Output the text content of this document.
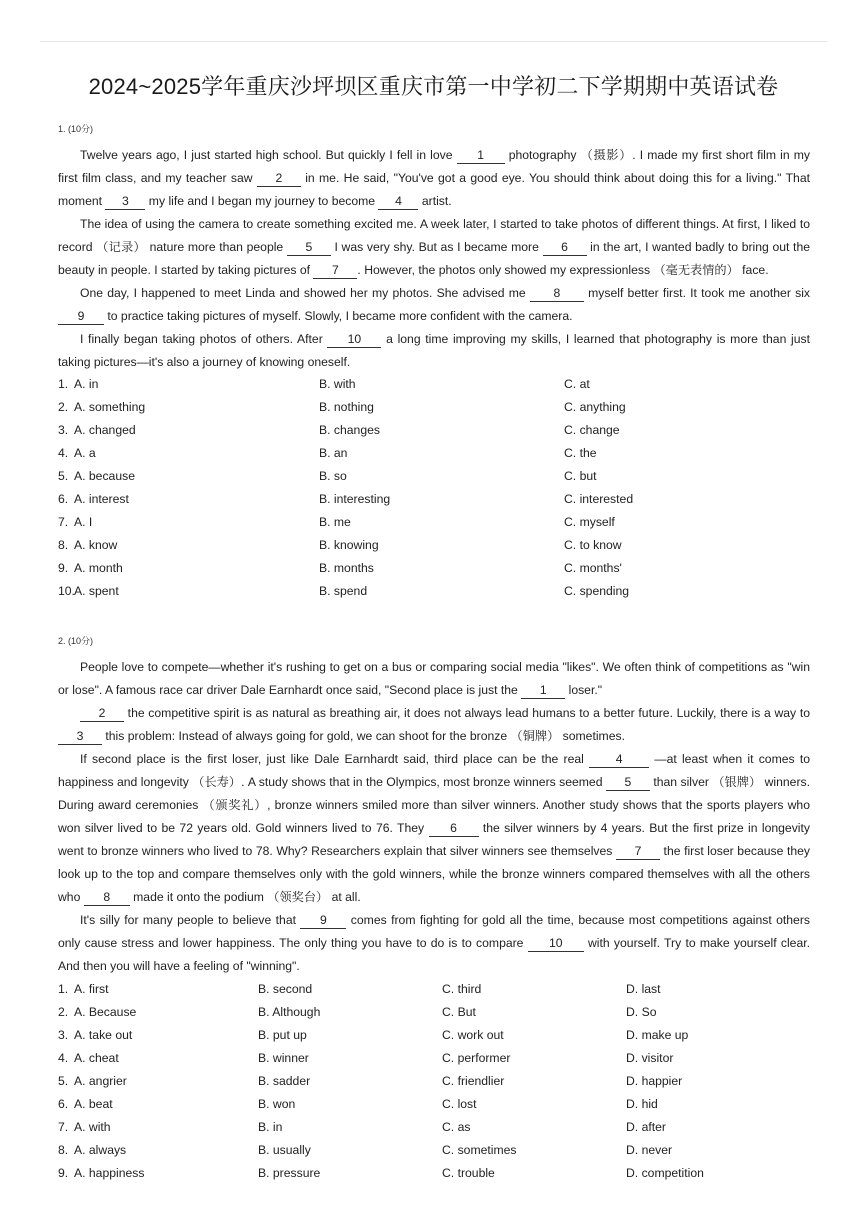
2024~2025学年重庆沙坪坝区重庆市第一中学初二下学期期中英语试卷
1. (10分)

Twelve years ago, I just started high school. But quickly I fell in love 1 photography （摄影）. I made my first short film in my first film class, and my teacher saw 2 in me. He said, "You've got a good eye. You should think about doing this for a living." That moment 3 my life and I began my journey to become 4 artist.

The idea of using the camera to create something excited me. A week later, I started to take photos of different things. At first, I liked to record （记录） nature more than people 5 I was very shy. But as I became more 6 in the art, I wanted badly to bring out the beauty in people. I started by taking pictures of 7 . However, the photos only showed my expressionless （毫无表情的） face.

One day, I happened to meet Linda and showed her my photos. She advised me 8 myself better first. It took me another six 9 to practice taking pictures of myself. Slowly, I became more confident with the camera.

I finally began taking photos of others. After 10 a long time improving my skills, I learned that photography is more than just taking pictures—it's also a journey of knowing oneself.

1. A. in	B. with	C. at
2. A. something	B. nothing	C. anything
3. A. changed	B. changes	C. change
4. A. a	B. an	C. the
5. A. because	B. so	C. but
6. A. interest	B. interesting	C. interested
7. A. I	B. me	C. myself
8. A. know	B. knowing	C. to know
9. A. month	B. months	C. months'
10.A. spent	B. spend	C. spending
2. (10分)

People love to compete—whether it's rushing to get on a bus or comparing social media "likes". We often think of competitions as "win or lose". A famous race car driver Dale Earnhardt once said, "Second place is just the 1 loser."

2 the competitive spirit is as natural as breathing air, it does not always lead humans to a better future. Luckily, there is a way to 3 this problem: Instead of always going for gold, we can shoot for the bronze （铜牌） sometimes.

If second place is the first loser, just like Dale Earnhardt said, third place can be the real 4 —at least when it comes to happiness and longevity （长寿）. A study shows that in the Olympics, most bronze winners seemed 5 than silver （银牌） winners. During award ceremonies （颁奖礼）, bronze winners smiled more than silver winners. Another study shows that the sports players who won silver lived to be 72 years old. Gold winners lived to 76. They 6 the silver winners by 4 years. But the first prize in longevity went to bronze winners who lived to 78. Why? Researchers explain that silver winners see themselves 7 the first loser because they look up to the top and compare themselves only with the gold winners, while the bronze winners compared themselves with all the others who 8 made it onto the podium （领奖台） at all.

It's silly for many people to believe that 9 comes from fighting for gold all the time, because most competitions against others only cause stress and lower happiness. The only thing you have to do is to compare 10 with yourself. Try to make yourself clear. And then you will have a feeling of "winning".

1. A. first	B. second	C. third	D. last
2. A. Because	B. Although	C. But	D. So
3. A. take out	B. put up	C. work out	D. make up
4. A. cheat	B. winner	C. performer	D. visitor
5. A. angrier	B. sadder	C. friendlier	D. happier
6. A. beat	B. won	C. lost	D. hid
7. A. with	B. in	C. as	D. after
8. A. always	B. usually	C. sometimes	D. never
9. A. happiness	B. pressure	C. trouble	D. competition
